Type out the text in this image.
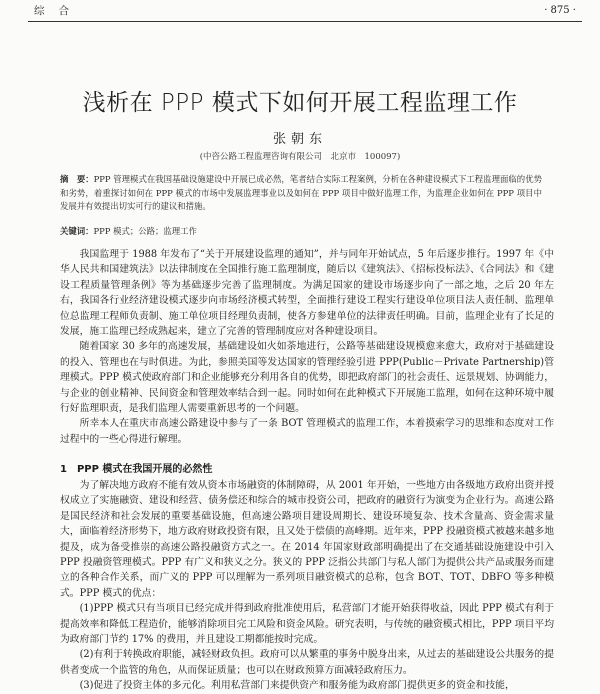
综合	· 875 ·
浅析在 PPP 模式下如何开展工程监理工作
张朝东
(中咨公路工程监理咨询有限公司　北京市　100097)
摘　要：PPP 管理模式在我国基础设施建设中开展已成必然，笔者结合实际工程案例，分析在各种建设模式下工程监理面临的优势和劣势，着重探讨如何在 PPP 模式的市场中发展监理事业以及如何在 PPP 项目中做好监理工作，为监理企业如何在 PPP 项目中发展并有效提出切实可行的建议和措施。
关键词：PPP 模式；公路；监理工作

我国监理于 1988 年发布了“关于开展建设监理的通知”，并与同年开始试点，5 年后逐步推行。1997 年《中华人民共和国建筑法》以法律制度在全国推行施工监理制度，随后以《建筑法》、《招标投标法》、《合同法》和《建设工程质量管理条例》等为基础逐步完善了监理制度。为满足国家的建设市场逐步向了一部之地，之后 20 年左右，我国各行业经济建设模式逐步向市场经济模式转型，全面推行建设工程实行建设单位项目法人责任制、监理单位总监理工程师负责制、施工单位项目经理负责制，使各方参建单位的法律责任明确。目前，监理企业有了长足的发展，施工监理已经成熟起来，建立了完善的管理制度应对各种建设项目。

随着国家 30 多年的高速发展，基础建设如火如荼地进行，公路等基础建设规模愈来愈大，政府对于基础建设的投入、管理也在与时俱进。为此，参照美国等发达国家的管理经验引进 PPP(Public－Private Partnership)管理模式。PPP 模式使政府部门和企业能够充分利用各自的优势，即把政府部门的社会责任、远景规划、协调能力，与企业的创业精神、民间资金和管理效率结合到一起。同时如何在此种模式下开展施工监理，如何在这种环境中履行好监理职责，是我们监理人需要重新思考的一个问题。

所幸本人在重庆市高速公路建设中参与了一条 BOT 管理模式的监理工作，本着摸索学习的思维和态度对工作过程中的一些心得进行解理。

1　PPP 模式在我国开展的必然性

为了解决地方政府不能有效从资本市场融资的体制障碍，从 2001 年开始，一些地方由各级地方政府出资并授权成立了实施融资、建设和经营、债务偿还和综合的城市投资公司，把政府的融资行为演变为企业行为。高速公路是国民经济和社会发展的重要基础设施，但高速公路项目建设周期长、建设环境复杂、技术含量高、资金需求量大，面临着经济形势下，地方政府财政投资有限，且又处于偿债的高峰期。近年来，PPP 投融资模式被越来越多地提及，成为备受推崇的高速公路投融资方式之一。在 2014 年国家财政部明确提出了在交通基础设施建设中引入 PPP 投融资管理模式。PPP 有广义和狭义之分。狭义的 PPP 泛指公共部门与私人部门为提供公共产品或服务而建立的各种合作关系，而广义的 PPP 可以理解为一系列项目融资模式的总称，包含 BOT、TOT、DBFO 等多种模式。PPP 模式的优点：

(1)PPP 模式只有当项目已经完成并得到政府批准使用后，私营部门才能开始获得收益，因此 PPP 模式有利于提高效率和降低工程造价，能够消除项目完工风险和资金风险。研究表明，与传统的融资模式相比，PPP 项目平均为政府部门节约 17% 的费用，并且建设工期都能按时完成。

(2)有利于转换政府职能，减轻财政负担。政府可以从繁重的事务中脱身出来，从过去的基础建设公共服务的提供者变成一个监管的角色，从而保证质量；也可以在财政预算方面减轻政府压力。

(3)促进了投资主体的多元化。利用私营部门来提供资产和服务能为政府部门提供更多的资金和技能，
